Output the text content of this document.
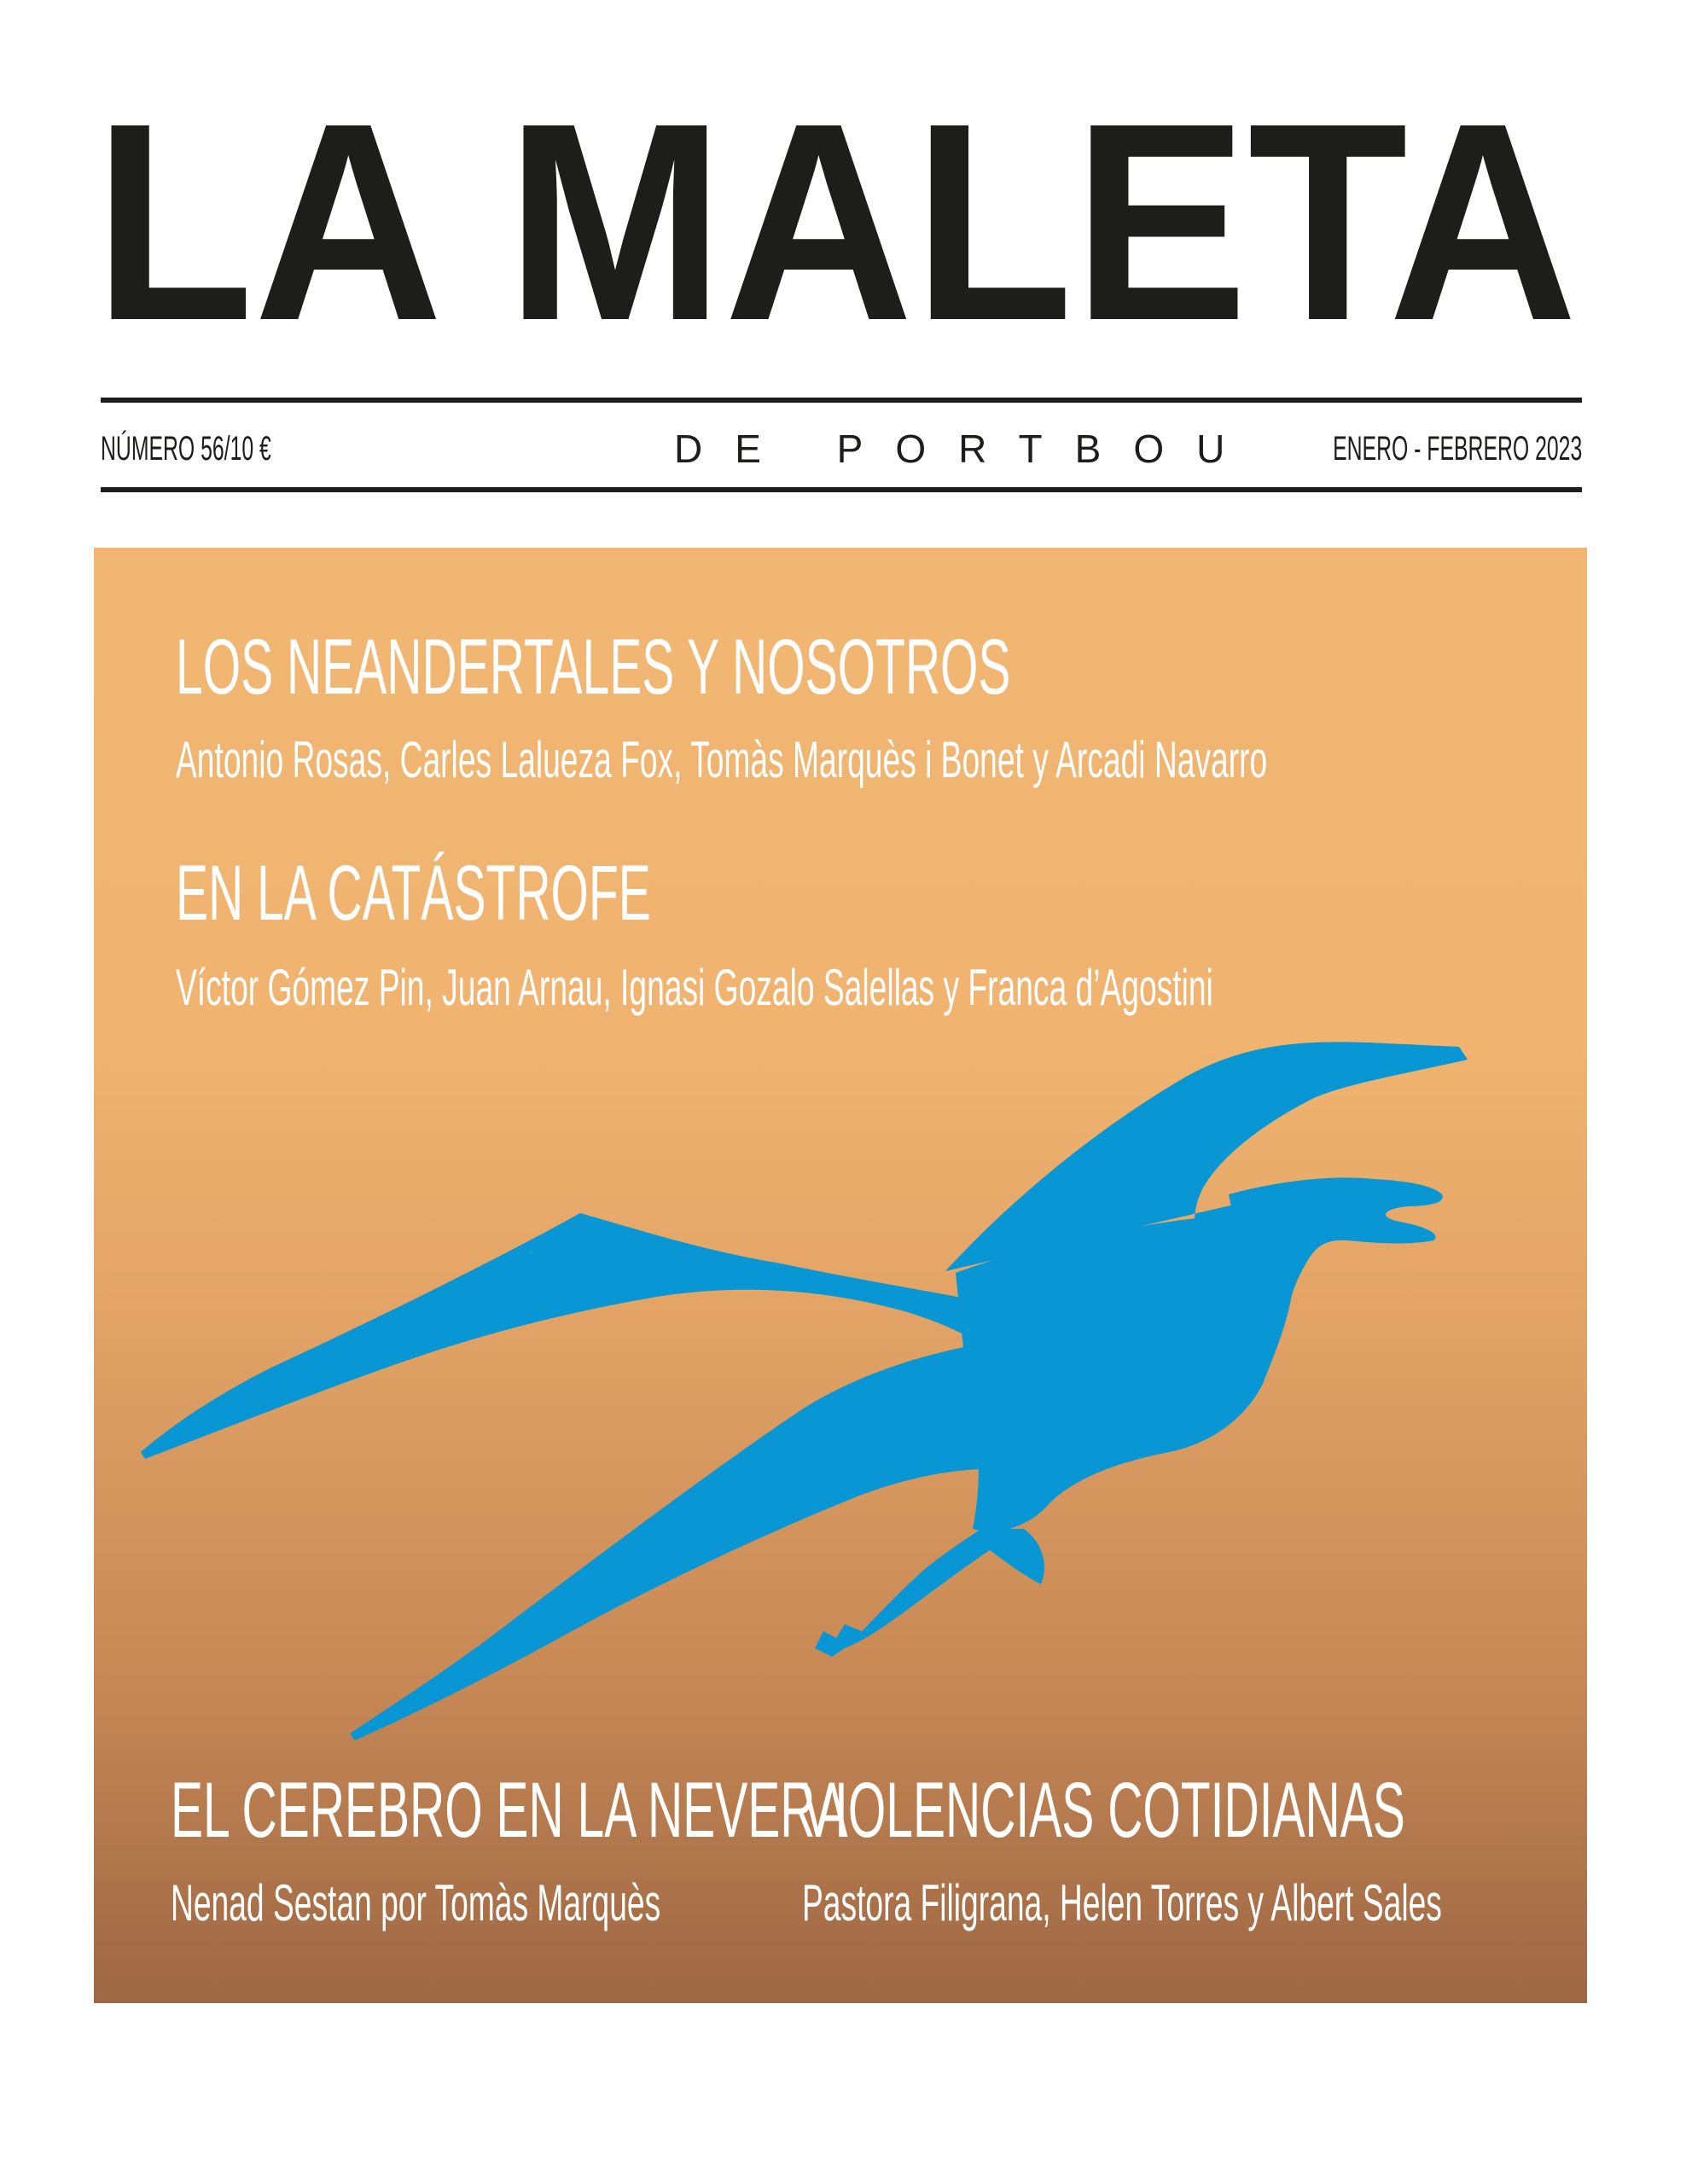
LA MALETA
NÚMERO 56/10 €	DE PORTBOU ENERO - FEBRERO 2023
LOS NEANDERTALES Y NOSOTROS

Antonio Rosas, Carles Lalueza Fox, Tomàs Marquès i Bonet y Arcadi Navarro

EN LA CATÁSTROFE

Víctor Gómez Pin, Juan Arnau, Ignasi Gozalo Salellas y Franca d’Agostini

EL CEREBRO EN LA NEVERA

Nenad Sestan por Tomàs Marquès

VIOLENCIAS COTIDIANAS

Pastora Filigrana, Helen Torres y Albert Sales
